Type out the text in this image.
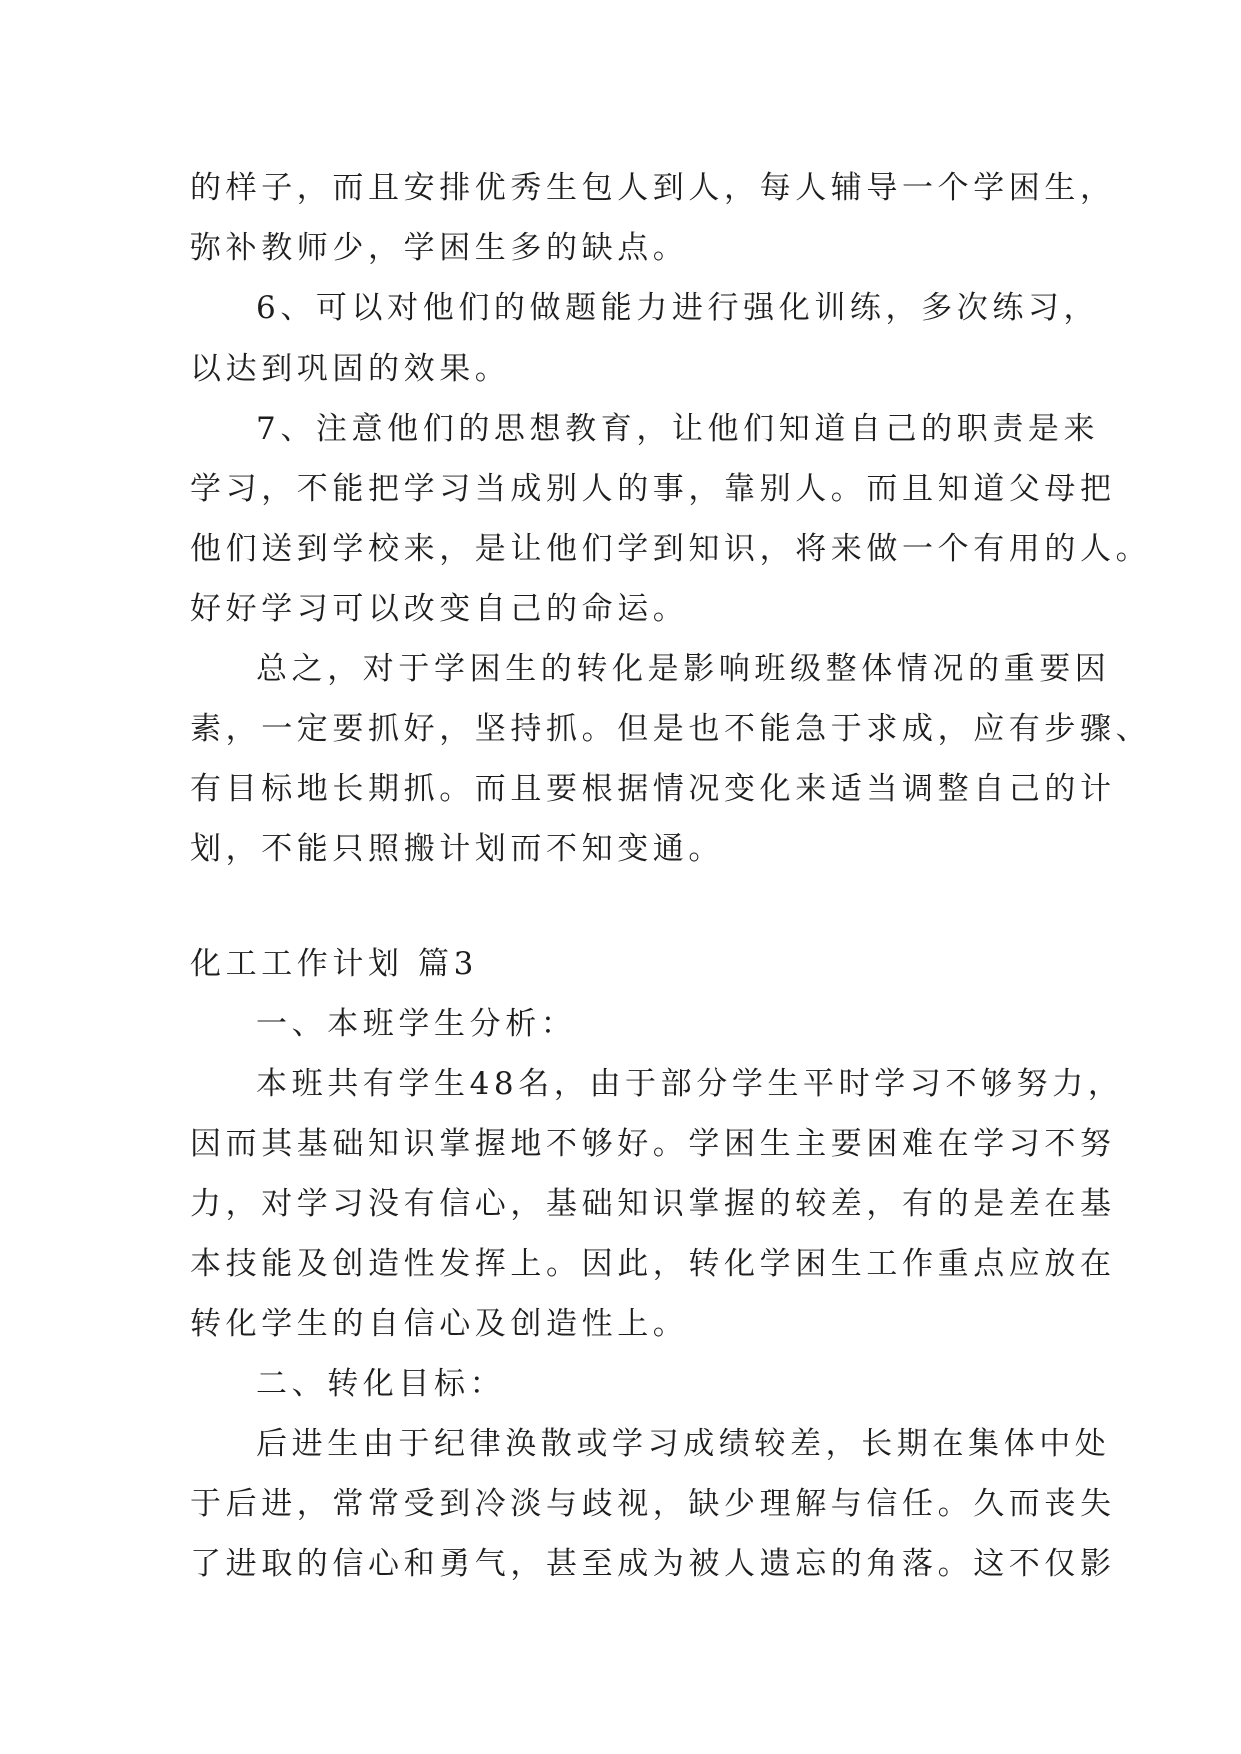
的样子，而且安排优秀生包人到人，每人辅导一个学困生，
弥补教师少，学困生多的缺点。
6、可以对他们的做题能力进行强化训练，多次练习，
以达到巩固的效果。
7、注意他们的思想教育，让他们知道自己的职责是来
学习，不能把学习当成别人的事，靠别人。而且知道父母把
他们送到学校来，是让他们学到知识，将来做一个有用的人。
好好学习可以改变自己的命运。
总之，对于学困生的转化是影响班级整体情况的重要因
素，一定要抓好，坚持抓。但是也不能急于求成，应有步骤、
有目标地长期抓。而且要根据情况变化来适当调整自己的计
划，不能只照搬计划而不知变通。
化工工作计划 篇3
一、本班学生分析：
本班共有学生48名，由于部分学生平时学习不够努力，
因而其基础知识掌握地不够好。学困生主要困难在学习不努
力，对学习没有信心，基础知识掌握的较差，有的是差在基
本技能及创造性发挥上。因此，转化学困生工作重点应放在
转化学生的自信心及创造性上。
二、转化目标：
后进生由于纪律涣散或学习成绩较差，长期在集体中处
于后进，常常受到冷淡与歧视，缺少理解与信任。久而丧失
了进取的信心和勇气，甚至成为被人遗忘的角落。这不仅影
